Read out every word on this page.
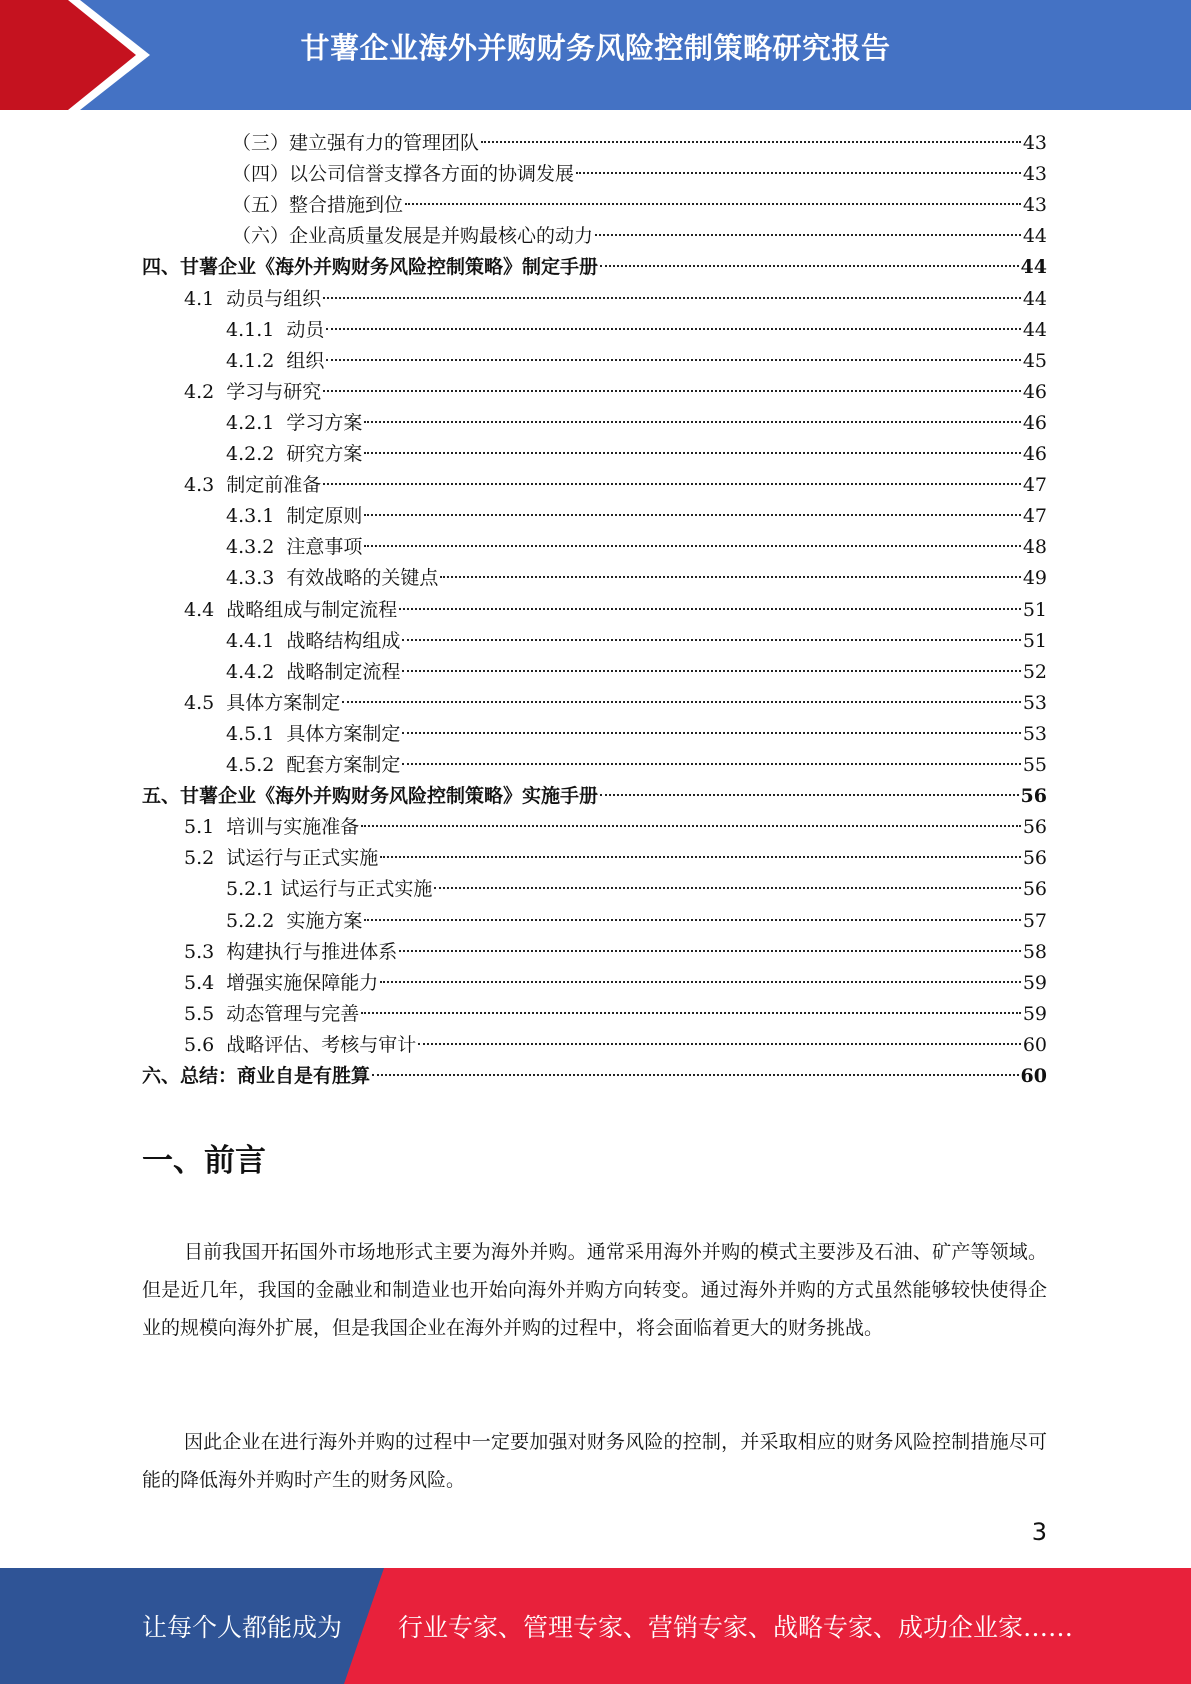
甘薯企业海外并购财务风险控制策略研究报告
（三）建立强有力的管理团队	43
（四）以公司信誉支撑各方面的协调发展	43
（五）整合措施到位	43
（六）企业高质量发展是并购最核心的动力	44
四、甘薯企业《海外并购财务风险控制策略》制定手册	44
4.1  动员与组织	44
4.1.1  动员	44
4.1.2  组织	45
4.2  学习与研究	46
4.2.1  学习方案	46
4.2.2  研究方案	46
4.3  制定前准备	47
4.3.1  制定原则	47
4.3.2  注意事项	48
4.3.3  有效战略的关键点	49
4.4  战略组成与制定流程	51
4.4.1  战略结构组成	51
4.4.2  战略制定流程	52
4.5  具体方案制定	53
4.5.1  具体方案制定	53
4.5.2  配套方案制定	55
五、甘薯企业《海外并购财务风险控制策略》实施手册	56
5.1  培训与实施准备	56
5.2  试运行与正式实施	56
5.2.1 试运行与正式实施	56
5.2.2  实施方案	57
5.3  构建执行与推进体系	58
5.4  增强实施保障能力	59
5.5  动态管理与完善	59
5.6  战略评估、考核与审计	60
六、总结：商业自是有胜算	60
一、前言

目前我国开拓国外市场地形式主要为海外并购。通常采用海外并购的模式主要涉及石油、矿产等领域。但是近几年，我国的金融业和制造业也开始向海外并购方向转变。通过海外并购的方式虽然能够较快使得企业的规模向海外扩展，但是我国企业在海外并购的过程中，将会面临着更大的财务挑战。

因此企业在进行海外并购的过程中一定要加强对财务风险的控制，并采取相应的财务风险控制措施尽可能的降低海外并购时产生的财务风险。

3
让每个人都能成为 行业专家、管理专家、营销专家、战略专家、成功企业家……
